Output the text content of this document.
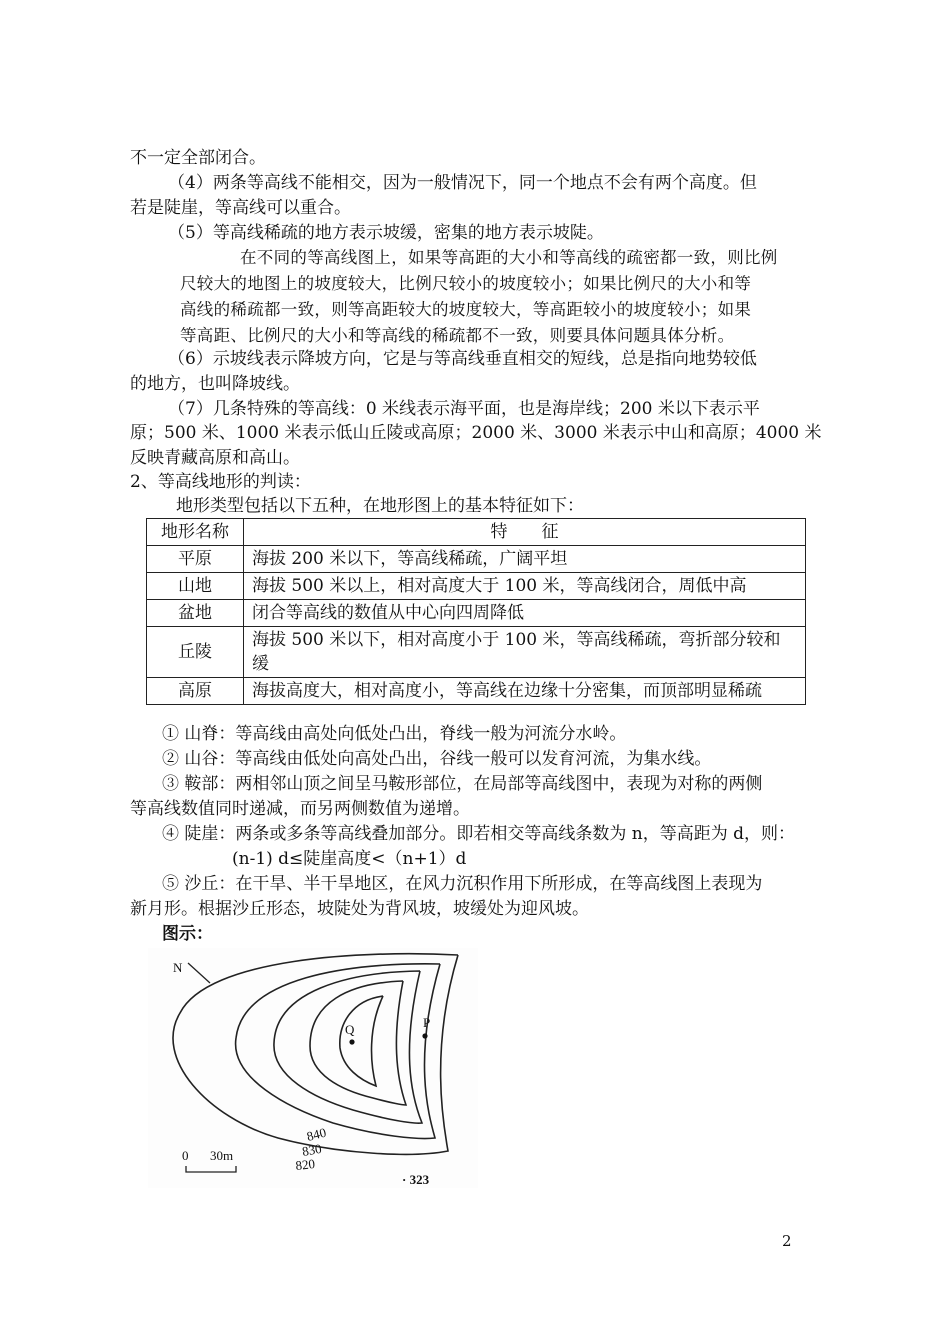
不一定全部闭合。
（4）两条等高线不能相交，因为一般情况下，同一个地点不会有两个高度。但
若是陡崖，等高线可以重合。
（5）等高线稀疏的地方表示坡缓，密集的地方表示坡陡。
在不同的等高线图上，如果等高距的大小和等高线的疏密都一致，则比例
尺较大的地图上的坡度较大，比例尺较小的坡度较小；如果比例尺的大小和等
高线的稀疏都一致，则等高距较大的坡度较大，等高距较小的坡度较小；如果
等高距、比例尺的大小和等高线的稀疏都不一致，则要具体问题具体分析。
（6）示坡线表示降坡方向，它是与等高线垂直相交的短线，总是指向地势较低
的地方，也叫降坡线。
（7）几条特殊的等高线：0 米线表示海平面，也是海岸线；200 米以下表示平
原；500 米、1000 米表示低山丘陵或高原；2000 米、3000 米表示中山和高原；4000 米
反映青藏高原和高山。
2、等高线地形的判读：
地形类型包括以下五种，在地形图上的基本特征如下：
地形名称	特　　征
平原	海拔 200 米以下，等高线稀疏，广阔平坦
山地	海拔 500 米以上，相对高度大于 100 米，等高线闭合，周低中高
盆地	闭合等高线的数值从中心向四周降低
丘陵	海拔 500 米以下，相对高度小于 100 米，等高线稀疏，弯折部分较和缓
高原	海拔高度大，相对高度小，等高线在边缘十分密集，而顶部明显稀疏
① 山脊：等高线由高处向低处凸出，脊线一般为河流分水岭。
② 山谷：等高线由低处向高处凸出，谷线一般可以发育河流，为集水线。
③ 鞍部：两相邻山顶之间呈马鞍形部位，在局部等高线图中，表现为对称的两侧
等高线数值同时递减，而另两侧数值为递增。
④ 陡崖：两条或多条等高线叠加部分。即若相交等高线条数为 n，等高距为 d，则：
(n-1) d≤陡崖高度<（n+1）d
⑤ 沙丘：在干旱、半干旱地区，在风力沉积作用下所形成，在等高线图上表现为
新月形。根据沙丘形态，坡陡处为背风坡，坡缓处为迎风坡。
图示：
N
Q	P
840
830
820
0 30m
· 323
2
